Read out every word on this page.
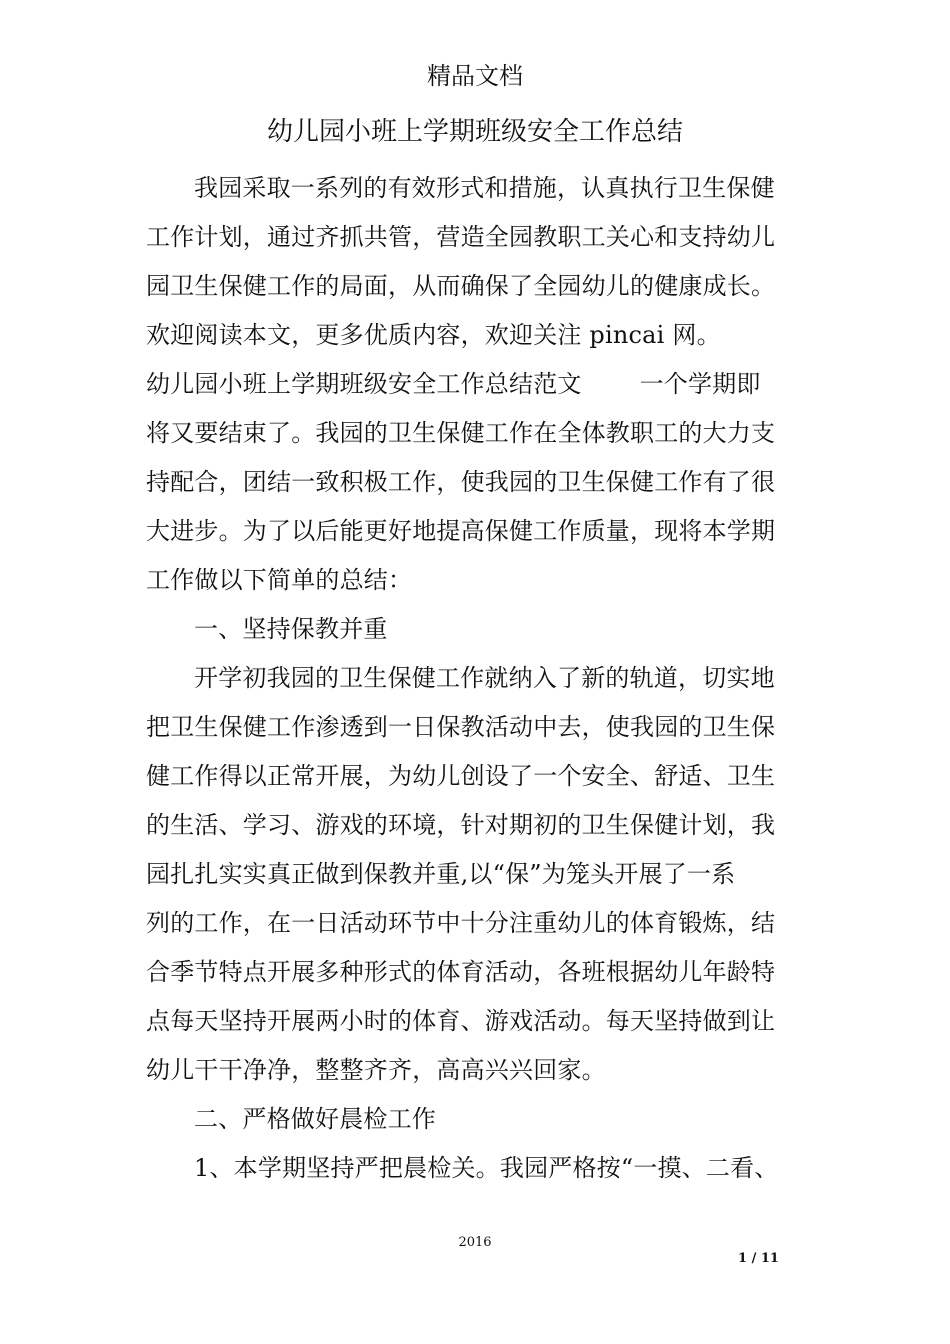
精品文档
幼儿园小班上学期班级安全工作总结
我园采取一系列的有效形式和措施，认真执行卫生保健
工作计划，通过齐抓共管，营造全园教职工关心和支持幼儿
园卫生保健工作的局面，从而确保了全园幼儿的健康成长。
欢迎阅读本文，更多优质内容，欢迎关注 pincai 网。
幼儿园小班上学期班级安全工作总结范文 一个学期即
将又要结束了。我园的卫生保健工作在全体教职工的大力支
持配合，团结一致积极工作，使我园的卫生保健工作有了很
大进步。为了以后能更好地提高保健工作质量，现将本学期
工作做以下简单的总结：
一、坚持保教并重
开学初我园的卫生保健工作就纳入了新的轨道，切实地
把卫生保健工作渗透到一日保教活动中去，使我园的卫生保
健工作得以正常开展，为幼儿创设了一个安全、舒适、卫生
的生活、学习、游戏的环境，针对期初的卫生保健计划，我
园扎扎实实真正做到保教并重,以“保”为笼头开展了一系
列的工作，在一日活动环节中十分注重幼儿的体育锻炼，结
合季节特点开展多种形式的体育活动，各班根据幼儿年龄特
点每天坚持开展两小时的体育、游戏活动。每天坚持做到让
幼儿干干净净，整整齐齐，高高兴兴回家。
二、严格做好晨检工作
1、本学期坚持严把晨检关。我园严格按“一摸、二看、
2016
1 / 11
